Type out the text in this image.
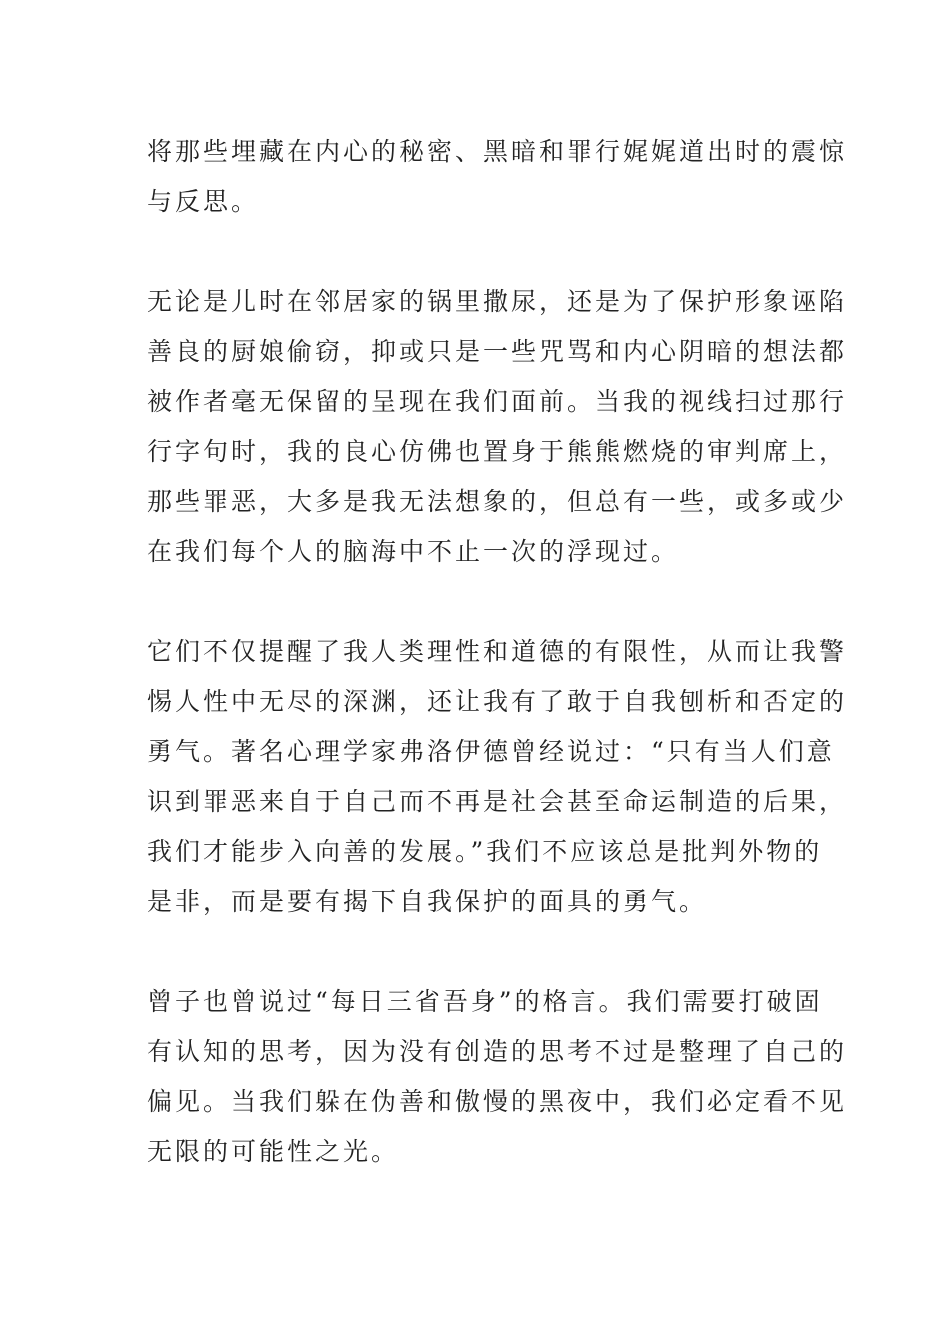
将那些埋藏在内心的秘密、黑暗和罪行娓娓道出时的震惊
与反思。
无论是儿时在邻居家的锅里撒尿，还是为了保护形象诬陷
善良的厨娘偷窃，抑或只是一些咒骂和内心阴暗的想法都
被作者毫无保留的呈现在我们面前。当我的视线扫过那行
行字句时，我的良心仿佛也置身于熊熊燃烧的审判席上，
那些罪恶，大多是我无法想象的，但总有一些，或多或少
在我们每个人的脑海中不止一次的浮现过。
它们不仅提醒了我人类理性和道德的有限性，从而让我警
惕人性中无尽的深渊，还让我有了敢于自我刨析和否定的
勇气。著名心理学家弗洛伊德曾经说过：“只有当人们意
识到罪恶来自于自己而不再是社会甚至命运制造的后果，
我们才能步入向善的发展。”我们不应该总是批判外物的
是非，而是要有揭下自我保护的面具的勇气。
曾子也曾说过“每日三省吾身”的格言。我们需要打破固
有认知的思考，因为没有创造的思考不过是整理了自己的
偏见。当我们躲在伪善和傲慢的黑夜中，我们必定看不见
无限的可能性之光。
